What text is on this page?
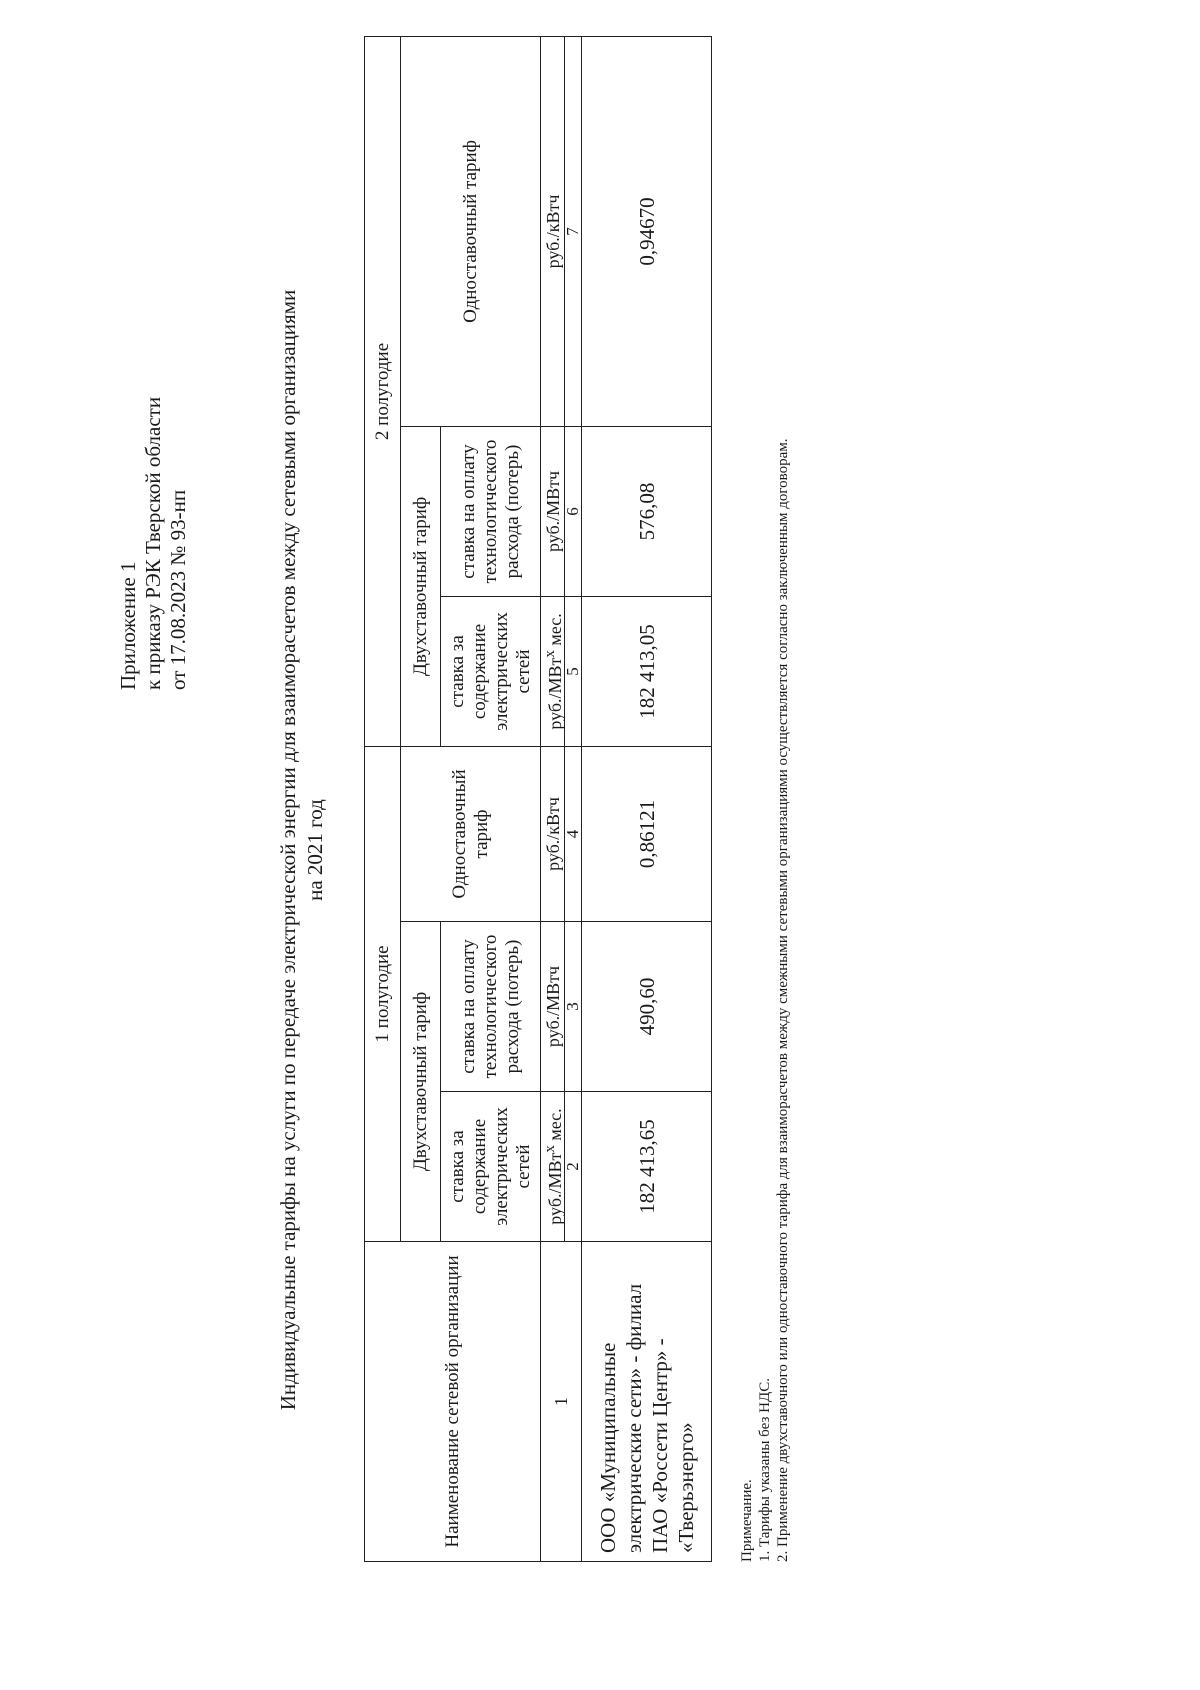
Приложение 1 к приказу РЭК Тверской области от 17.08.2023 № 93-нп	Индивидуальные тарифы на услуги по передаче электрической энергии для взаиморасчетов между сетевыми организациями на 2021 год
Наименование сетевой организации	1 полугодие			2 полугодие		
	Двухставочный тариф		Одноставочный тариф	Двухставочный тариф		Одноставочный тариф
	ставка за содержание электрических сетей	ставка на оплату технологического расхода (потерь)		ставка за содержание электрических сетей	ставка на оплату технологического расхода (потерь)	
1	руб./МВт$^х$ мес.	руб./МВтч	руб./кВтч	руб./МВт$^х$ мес.	руб./МВтч	руб./кВтч
	2	3	4	5	6	7
ООО «Муниципальные электрические сети» - филиал ПАО «Россети Центр» - «Тверьэнерго»	182 413,65	490,60	0,86121	182 413,05	576,08	0,94670
Примечание. 1. Тарифы указаны без НДС. 2. Применение двухставочного или одноставочного тарифа для взаиморасчетов между смежными сетевыми организациями осуществляется согласно заключенным договорам.
